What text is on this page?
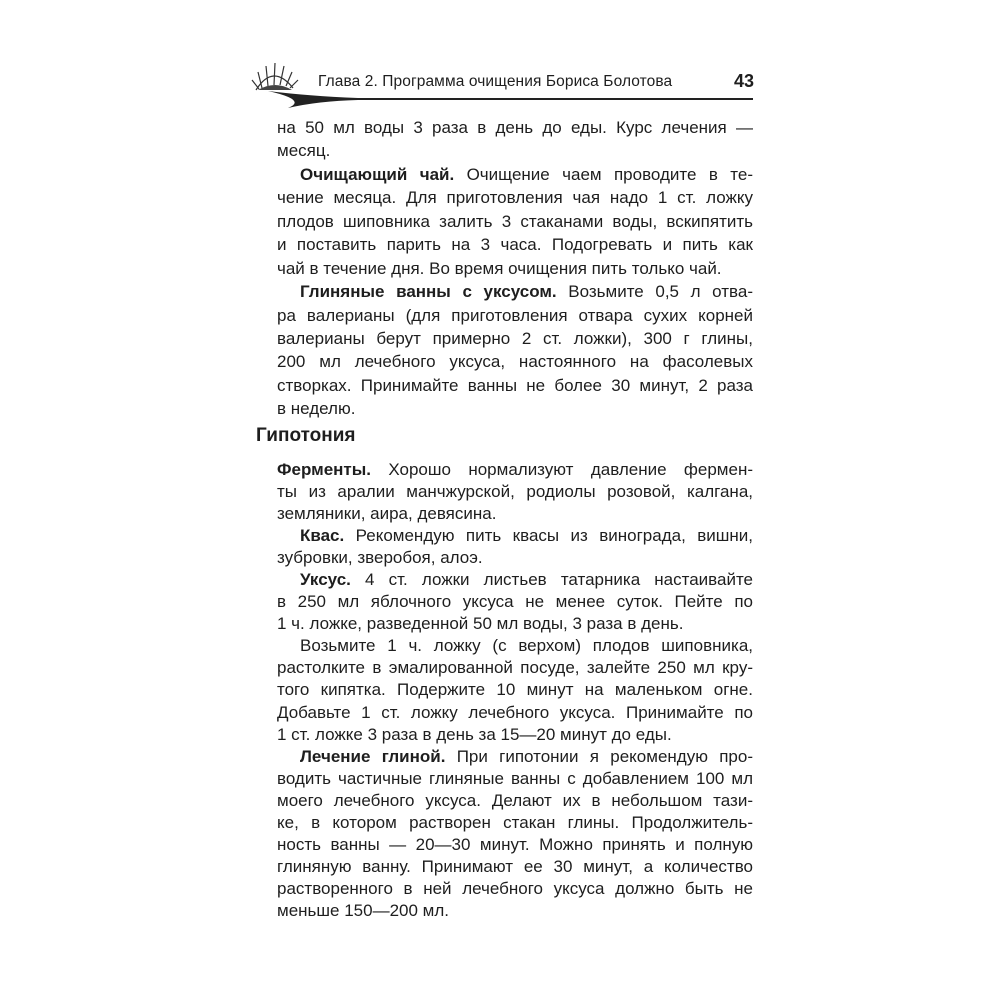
Глава 2. Программа очищения Бориса Болотова	43
на 50 мл воды 3 раза в день до еды. Курс лечения —
месяц.
Очищающий чай. Очищение чаем проводите в те-
чение месяца. Для приготовления чая надо 1 ст. ложку
плодов шиповника залить 3 стаканами воды, вскипятить
и поставить парить на 3 часа. Подогревать и пить как
чай в течение дня. Во время очищения пить только чай.
Глиняные ванны с уксусом. Возьмите 0,5 л отва-
ра валерианы (для приготовления отвара сухих корней
валерианы берут примерно 2 ст. ложки), 300 г глины,
200 мл лечебного уксуса, настоянного на фасолевых
створках. Принимайте ванны не более 30 минут, 2 раза
в неделю.
Гипотония
Ферменты. Хорошо нормализуют давление фермен-
ты из аралии манчжурской, родиолы розовой, калгана,
земляники, аира, девясина.
Квас. Рекомендую пить квасы из винограда, вишни,
зубровки, зверобоя, алоэ.
Уксус. 4 ст. ложки листьев татарника настаивайте
в 250 мл яблочного уксуса не менее суток. Пейте по
1 ч. ложке, разведенной 50 мл воды, 3 раза в день.
Возьмите 1 ч. ложку (с верхом) плодов шиповника,
растолките в эмалированной посуде, залейте 250 мл кру-
того кипятка. Подержите 10 минут на маленьком огне.
Добавьте 1 ст. ложку лечебного уксуса. Принимайте по
1 ст. ложке 3 раза в день за 15—20 минут до еды.
Лечение глиной. При гипотонии я рекомендую про-
водить частичные глиняные ванны с добавлением 100 мл
моего лечебного уксуса. Делают их в небольшом тази-
ке, в котором растворен стакан глины. Продолжитель-
ность ванны — 20—30 минут. Можно принять и полную
глиняную ванну. Принимают ее 30 минут, а количество
растворенного в ней лечебного уксуса должно быть не
меньше 150—200 мл.
